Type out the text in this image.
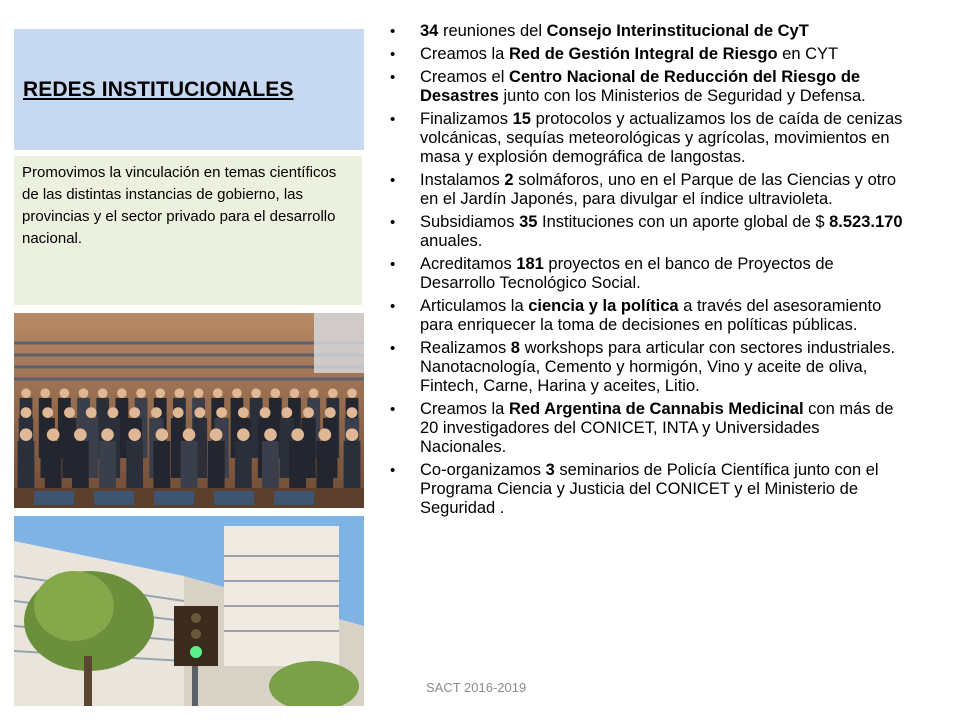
REDES INSTITUCIONALES
Promovimos la vinculación en temas científicos de las distintas instancias de gobierno, las provincias y el sector privado para el desarrollo nacional.
• 34 reuniones del Consejo Interinstitucional de CyT
• Creamos la Red de Gestión Integral de Riesgo en CYT
• Creamos el Centro Nacional de Reducción del Riesgo de Desastres junto con los Ministerios de Seguridad y Defensa.
• Finalizamos 15 protocolos y actualizamos los de caída de cenizas volcánicas, sequías meteorológicas y agrícolas, movimientos en masa y explosión demográfica de langostas.
• Instalamos 2 solmáforos, uno en el Parque de las Ciencias y otro en el Jardín Japonés, para divulgar el índice ultravioleta.
• Subsidiamos 35 Instituciones con un aporte global de $ 8.523.170 anuales.
• Acreditamos 181 proyectos en el banco de Proyectos de Desarrollo Tecnológico Social.
• Articulamos la ciencia y la política a través del asesoramiento para enriquecer la toma de decisiones en políticas públicas.
• Realizamos 8 workshops para articular con sectores industriales. Nanotacnología, Cemento y hormigón, Vino y aceite de oliva, Fintech, Carne, Harina y aceites, Litio.
• Creamos la Red Argentina de Cannabis Medicinal con más de 20 investigadores del CONICET, INTA y Universidades Nacionales.
• Co-organizamos 3 seminarios de Policía Científica junto con el Programa Ciencia y Justicia del CONICET y el Ministerio de Seguridad .
SACT 2016-2019
